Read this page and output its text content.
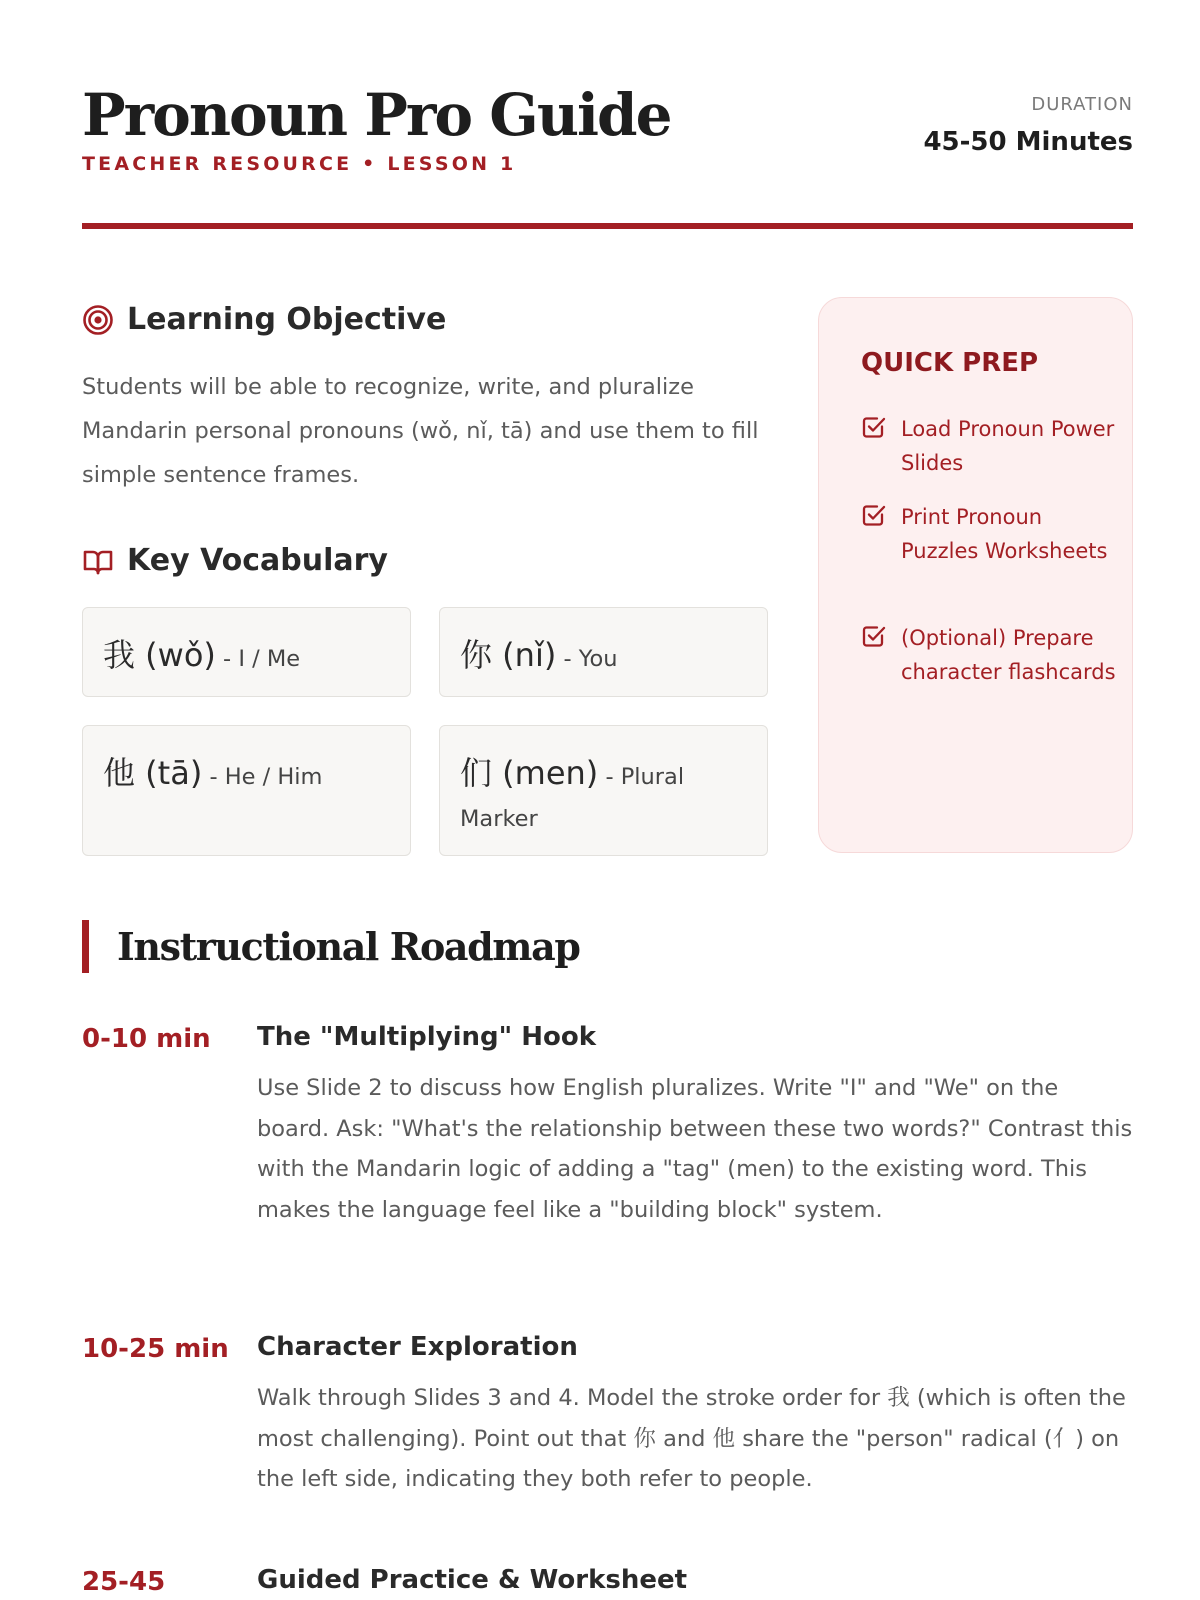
Pronoun Pro Guide
TEACHER RESOURCE • LESSON 1
DURATION
45-50 Minutes
Learning Objective
Students will be able to recognize, write, and pluralize Mandarin personal pronouns (wǒ, nǐ, tā) and use them to fill simple sentence frames.
Key Vocabulary
我 (wǒ) - I / Me	你 (nǐ) - You
他 (tā) - He / Him	们 (men) - Plural Marker
QUICK PREP
Load Pronoun Power Slides
Print Pronoun Puzzles Worksheets
(Optional) Prepare character flashcards
Instructional Roadmap
0-10 min	The "Multiplying" Hook
Use Slide 2 to discuss how English pluralizes. Write "I" and "We" on the board. Ask: "What's the relationship between these two words?" Contrast this with the Mandarin logic of adding a "tag" (men) to the existing word. This makes the language feel like a "building block" system.
10-25 min Character Exploration
Walk through Slides 3 and 4. Model the stroke order for 我 (which is often the most challenging). Point out that 你 and 他 share the "person" radical (亻) on the left side, indicating they both refer to people.
25-45	Guided Practice & Worksheet
